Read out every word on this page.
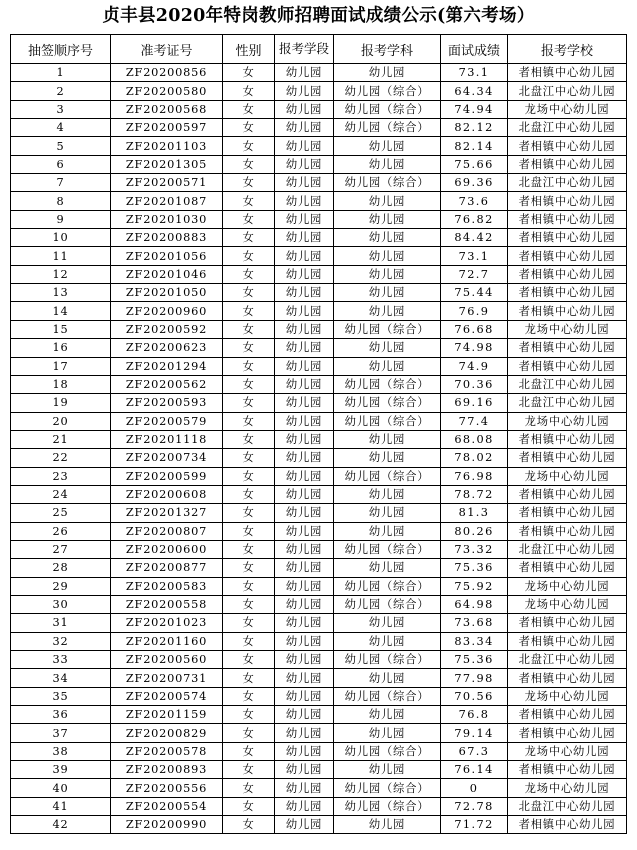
贞丰县2020年特岗教师招聘面试成绩公示(第六考场）
抽签顺序号	准考证号	性别	报考学段	报考学科	面试成绩	报考学校
1	ZF20200856	女	幼儿园	幼儿园	73.1	者相镇中心幼儿园
2	ZF20200580	女	幼儿园	幼儿园（综合）	64.34	北盘江中心幼儿园
3	ZF20200568	女	幼儿园	幼儿园（综合）	74.94	龙场中心幼儿园
4	ZF20200597	女	幼儿园	幼儿园（综合）	82.12	北盘江中心幼儿园
5	ZF20201103	女	幼儿园	幼儿园	82.14	者相镇中心幼儿园
6	ZF20201305	女	幼儿园	幼儿园	75.66	者相镇中心幼儿园
7	ZF20200571	女	幼儿园	幼儿园（综合）	69.36	北盘江中心幼儿园
8	ZF20201087	女	幼儿园	幼儿园	73.6	者相镇中心幼儿园
9	ZF20201030	女	幼儿园	幼儿园	76.82	者相镇中心幼儿园
10	ZF20200883	女	幼儿园	幼儿园	84.42	者相镇中心幼儿园
11	ZF20201056	女	幼儿园	幼儿园	73.1	者相镇中心幼儿园
12	ZF20201046	女	幼儿园	幼儿园	72.7	者相镇中心幼儿园
13	ZF20201050	女	幼儿园	幼儿园	75.44	者相镇中心幼儿园
14	ZF20200960	女	幼儿园	幼儿园	76.9	者相镇中心幼儿园
15	ZF20200592	女	幼儿园	幼儿园（综合）	76.68	龙场中心幼儿园
16	ZF20200623	女	幼儿园	幼儿园	74.98	者相镇中心幼儿园
17	ZF20201294	女	幼儿园	幼儿园	74.9	者相镇中心幼儿园
18	ZF20200562	女	幼儿园	幼儿园（综合）	70.36	北盘江中心幼儿园
19	ZF20200593	女	幼儿园	幼儿园（综合）	69.16	北盘江中心幼儿园
20	ZF20200579	女	幼儿园	幼儿园（综合）	77.4	龙场中心幼儿园
21	ZF20201118	女	幼儿园	幼儿园	68.08	者相镇中心幼儿园
22	ZF20200734	女	幼儿园	幼儿园	78.02	者相镇中心幼儿园
23	ZF20200599	女	幼儿园	幼儿园（综合）	76.98	龙场中心幼儿园
24	ZF20200608	女	幼儿园	幼儿园	78.72	者相镇中心幼儿园
25	ZF20201327	女	幼儿园	幼儿园	81.3	者相镇中心幼儿园
26	ZF20200807	女	幼儿园	幼儿园	80.26	者相镇中心幼儿园
27	ZF20200600	女	幼儿园	幼儿园（综合）	73.32	北盘江中心幼儿园
28	ZF20200877	女	幼儿园	幼儿园	75.36	者相镇中心幼儿园
29	ZF20200583	女	幼儿园	幼儿园（综合）	75.92	龙场中心幼儿园
30	ZF20200558	女	幼儿园	幼儿园（综合）	64.98	龙场中心幼儿园
31	ZF20201023	女	幼儿园	幼儿园	73.68	者相镇中心幼儿园
32	ZF20201160	女	幼儿园	幼儿园	83.34	者相镇中心幼儿园
33	ZF20200560	女	幼儿园	幼儿园（综合）	75.36	北盘江中心幼儿园
34	ZF20200731	女	幼儿园	幼儿园	77.98	者相镇中心幼儿园
35	ZF20200574	女	幼儿园	幼儿园（综合）	70.56	龙场中心幼儿园
36	ZF20201159	女	幼儿园	幼儿园	76.8	者相镇中心幼儿园
37	ZF20200829	女	幼儿园	幼儿园	79.14	者相镇中心幼儿园
38	ZF20200578	女	幼儿园	幼儿园（综合）	67.3	龙场中心幼儿园
39	ZF20200893	女	幼儿园	幼儿园	76.14	者相镇中心幼儿园
40	ZF20200556	女	幼儿园	幼儿园（综合）	0	龙场中心幼儿园
41	ZF20200554	女	幼儿园	幼儿园（综合）	72.78	北盘江中心幼儿园
42	ZF20200990	女	幼儿园	幼儿园	71.72	者相镇中心幼儿园
